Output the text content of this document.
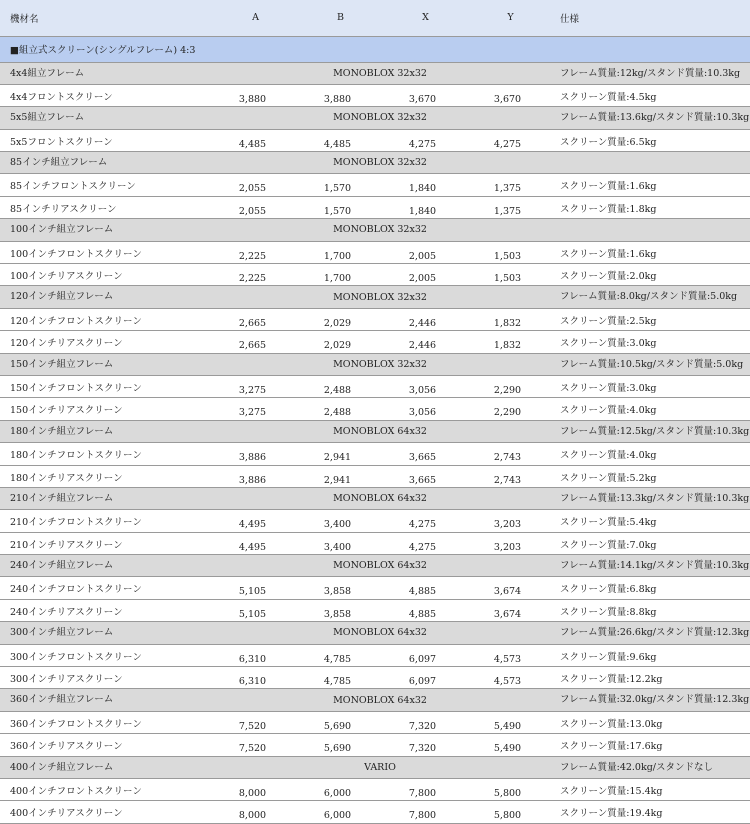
機材名	A	B	X	Y	仕様
■組立式スクリーン(シングルフレーム) 4:3					
4x4組立フレーム	MONOBLOX 32x32				フレーム質量:12kg/スタンド質量:10.3kg
4x4フロントスクリーン	3,880	3,880	3,670	3,670	スクリーン質量:4.5kg
5x5組立フレーム	MONOBLOX 32x32				フレーム質量:13.6kg/スタンド質量:10.3kg
5x5フロントスクリーン	4,485	4,485	4,275	4,275	スクリーン質量:6.5kg
85インチ組立フレーム	MONOBLOX 32x32				
85インチフロントスクリーン	2,055	1,570	1,840	1,375	スクリーン質量:1.6kg
85インチリアスクリーン	2,055	1,570	1,840	1,375	スクリーン質量:1.8kg
100インチ組立フレーム	MONOBLOX 32x32				
100インチフロントスクリーン	2,225	1,700	2,005	1,503	スクリーン質量:1.6kg
100インチリアスクリーン	2,225	1,700	2,005	1,503	スクリーン質量:2.0kg
120インチ組立フレーム	MONOBLOX 32x32				フレーム質量:8.0kg/スタンド質量:5.0kg
120インチフロントスクリーン	2,665	2,029	2,446	1,832	スクリーン質量:2.5kg
120インチリアスクリーン	2,665	2,029	2,446	1,832	スクリーン質量:3.0kg
150インチ組立フレーム	MONOBLOX 32x32				フレーム質量:10.5kg/スタンド質量:5.0kg
150インチフロントスクリーン	3,275	2,488	3,056	2,290	スクリーン質量:3.0kg
150インチリアスクリーン	3,275	2,488	3,056	2,290	スクリーン質量:4.0kg
180インチ組立フレーム	MONOBLOX 64x32				フレーム質量:12.5kg/スタンド質量:10.3kg
180インチフロントスクリーン	3,886	2,941	3,665	2,743	スクリーン質量:4.0kg
180インチリアスクリーン	3,886	2,941	3,665	2,743	スクリーン質量:5.2kg
210インチ組立フレーム	MONOBLOX 64x32				フレーム質量:13.3kg/スタンド質量:10.3kg
210インチフロントスクリーン	4,495	3,400	4,275	3,203	スクリーン質量:5.4kg
210インチリアスクリーン	4,495	3,400	4,275	3,203	スクリーン質量:7.0kg
240インチ組立フレーム	MONOBLOX 64x32				フレーム質量:14.1kg/スタンド質量:10.3kg
240インチフロントスクリーン	5,105	3,858	4,885	3,674	スクリーン質量:6.8kg
240インチリアスクリーン	5,105	3,858	4,885	3,674	スクリーン質量:8.8kg
300インチ組立フレーム	MONOBLOX 64x32				フレーム質量:26.6kg/スタンド質量:12.3kg
300インチフロントスクリーン	6,310	4,785	6,097	4,573	スクリーン質量:9.6kg
300インチリアスクリーン	6,310	4,785	6,097	4,573	スクリーン質量:12.2kg
360インチ組立フレーム	MONOBLOX 64x32				フレーム質量:32.0kg/スタンド質量:12.3kg
360インチフロントスクリーン	7,520	5,690	7,320	5,490	スクリーン質量:13.0kg
360インチリアスクリーン	7,520	5,690	7,320	5,490	スクリーン質量:17.6kg
400インチ組立フレーム	VARIO				フレーム質量:42.0kg/スタンドなし
400インチフロントスクリーン	8,000	6,000	7,800	5,800	スクリーン質量:15.4kg
400インチリアスクリーン	8,000	6,000	7,800	5,800	スクリーン質量:19.4kg
